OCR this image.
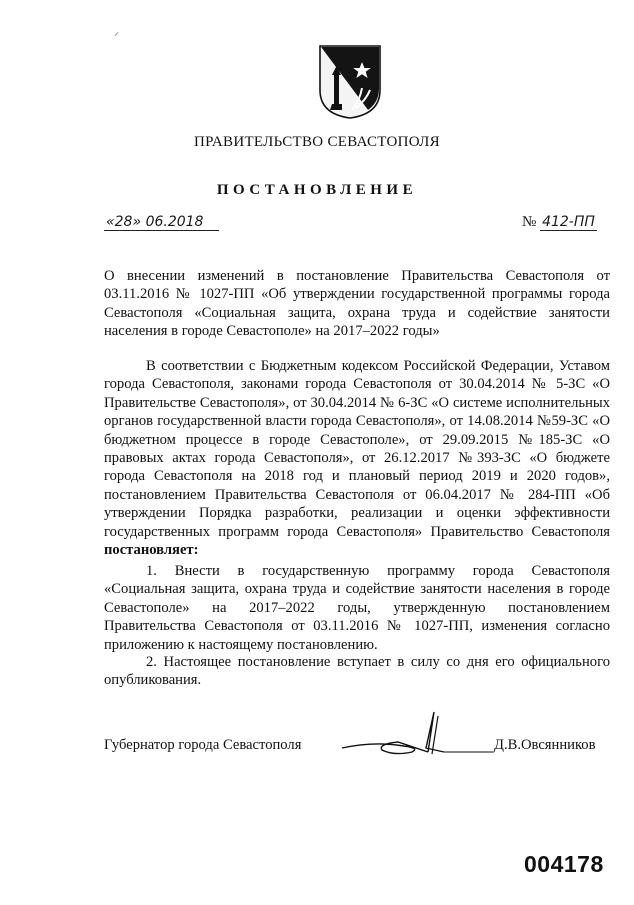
⸝
ПРАВИТЕЛЬСТВО СЕВАСТОПОЛЯ
ПОСТАНОВЛЕНИЕ
«28» 06.2018	№ 412-ПП

О внесении изменений в постановление Правительства Севастополя от 03.11.2016 № 1027-ПП «Об утверждении государственной программы города Севастополя «Социальная защита, охрана труда и содействие занятости населения в городе Севастополе» на 2017–2022 годы»

В соответствии с Бюджетным кодексом Российской Федерации, Уставом города Севастополя, законами города Севастополя от 30.04.2014 № 5-ЗС «О Правительстве Севастополя», от 30.04.2014 № 6-ЗС «О системе исполнительных органов государственной власти города Севастополя», от 14.08.2014 №59-ЗС «О бюджетном процессе в городе Севастополе», от 29.09.2015 №185-ЗС «О правовых актах города Севастополя», от 26.12.2017 №393-ЗС «О бюджете города Севастополя на 2018 год и плановый период 2019 и 2020 годов», постановлением Правительства Севастополя от 06.04.2017 № 284-ПП «Об утверждении Порядка разработки, реализации и оценки эффективности государственных программ города Севастополя» Правительство Севастополя постановляет:

1. Внести в государственную программу города Севастополя «Социальная защита, охрана труда и содействие занятости населения в городе Севастополе» на 2017–2022 годы, утвержденную постановлением Правительства Севастополя от 03.11.2016 № 1027-ПП, изменения согласно приложению к настоящему постановлению.

2. Настоящее постановление вступает в силу со дня его официального опубликования.

Губернатор города Севастополя	Д.В.Овсянников
004178
